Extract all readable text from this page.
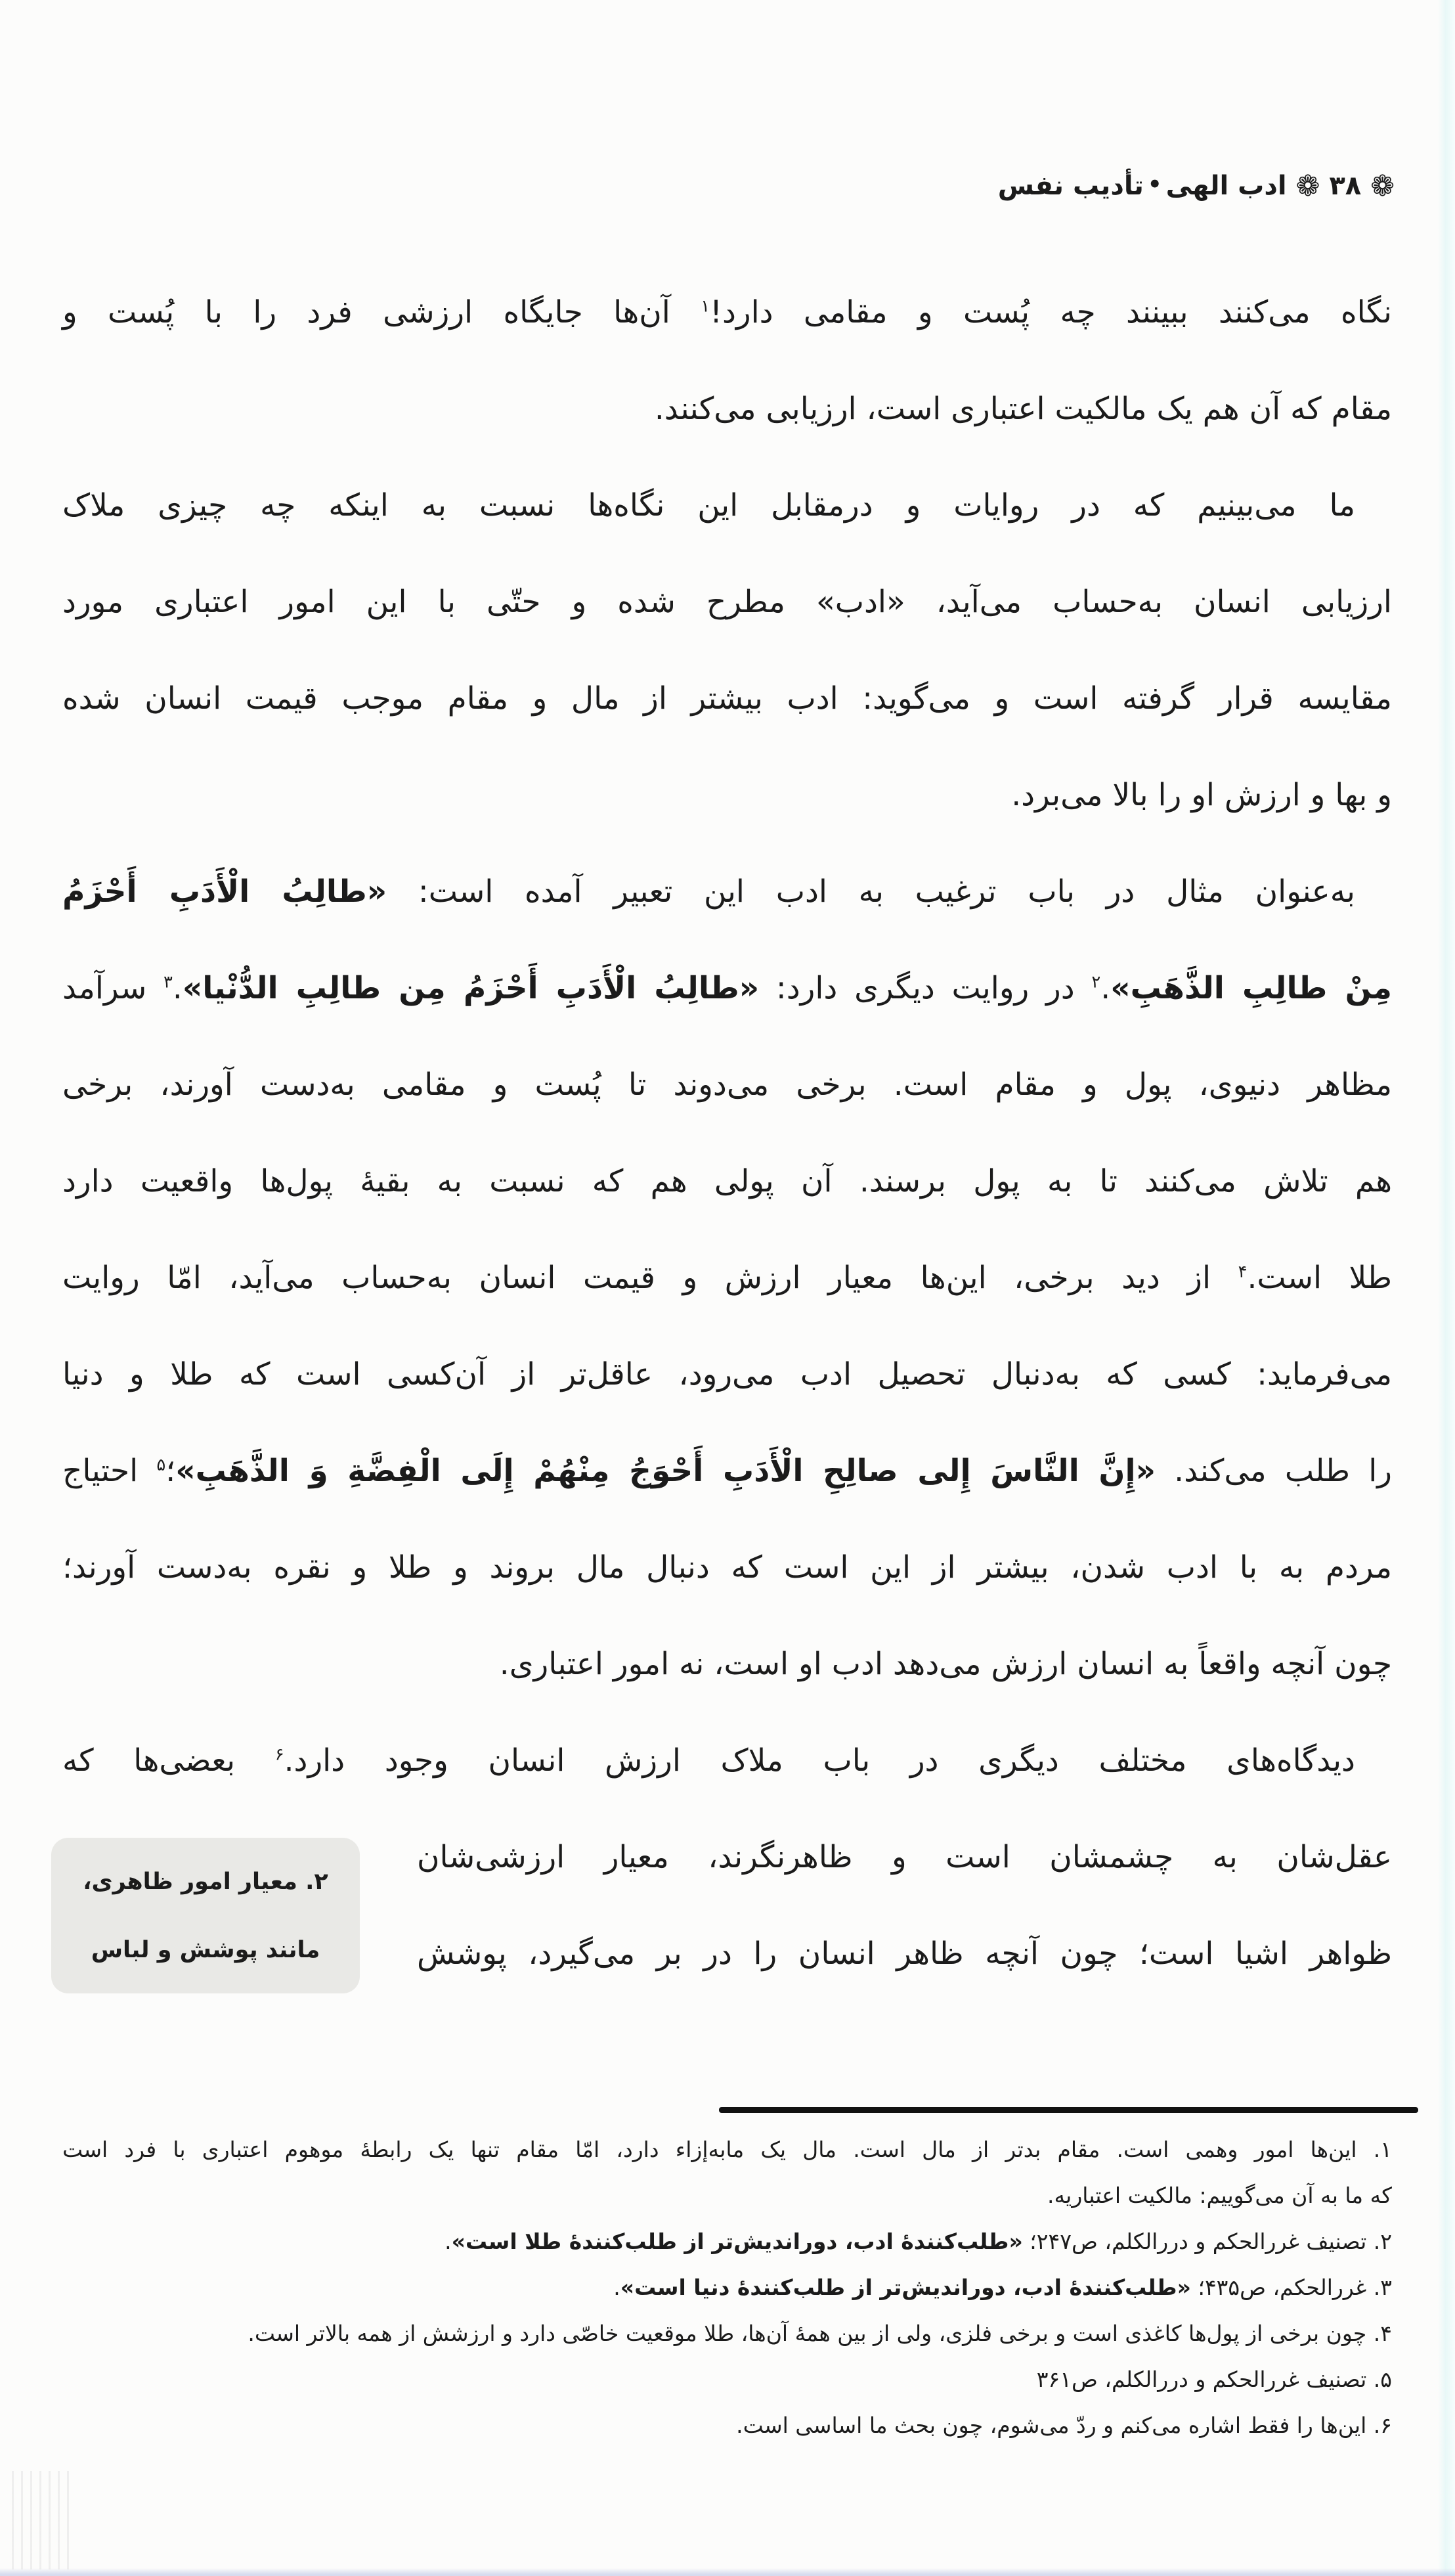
❁ ۳۸ ❁ ادب الهی•تأدیب نفس
نگاه می‌کنند ببینند چه پُست و مقامی دارد!$^۱$ آن‌ها جایگاه ارزشی فرد را با پُست و
مقام که آن هم یک مالکیت اعتباری است، ارزیابی می‌کنند.
ما می‌بینیم که در روایات و درمقابل این نگاه‌ها نسبت به اینکه چه چیزی ملاک
ارزیابی انسان به‌حساب می‌آید، «ادب» مطرح شده و حتّی با این امور اعتباری مورد
مقایسه قرار گرفته است و می‌گوید: ادب بیشتر از مال و مقام موجب قیمت انسان شده
و بها و ارزش او را بالا می‌برد.
به‌عنوان مثال در باب ترغیب به ادب این تعبیر آمده است: «طالِبُ الْأَدَبِ أَحْزَمُ
مِنْ طالِبِ الذَّهَبِ».$^۲$ در روایت دیگری دارد: «طالِبُ الْأَدَبِ أَحْزَمُ مِن طالِبِ الدُّنْیا».$^۳$ سرآمد
مظاهر دنیوی، پول و مقام است. برخی می‌دوند تا پُست و مقامی به‌دست آورند، برخی
هم تلاش می‌کنند تا به پول برسند. آن پولی هم که نسبت به بقیهٔ پول‌ها واقعیت دارد
طلا است.$^۴$ از دید برخی، این‌ها معیار ارزش و قیمت انسان به‌حساب می‌آید، امّا روایت
می‌فرماید: کسی که به‌دنبال تحصیل ادب می‌رود، عاقل‌تر از آن‌کسی است که طلا و دنیا
را طلب می‌کند. «إِنَّ النَّاسَ إِلی صالِحِ الْأَدَبِ أَحْوَجُ مِنْهُمْ إِلَی الْفِضَّةِ وَ الذَّهَبِ»؛$^۵$ احتیاج
مردم به با ادب شدن، بیشتر از این است که دنبال مال بروند و طلا و نقره به‌دست آورند؛
چون آنچه واقعاً به انسان ارزش می‌دهد ادب او است، نه امور اعتباری.
دیدگاه‌های مختلف دیگری در باب ملاک ارزش انسان وجود دارد.$^۶$ بعضی‌ها که
عقل‌شان به چشمشان است و ظاهرنگرند، معیار ارزشی‌شان
ظواهر اشیا است؛ چون آنچه ظاهر انسان را در بر می‌گیرد، پوشش
۲. معیار امور ظاهری،
مانند پوشش و لباس
۱. این‌ها امور وهمی است. مقام بدتر از مال است. مال یک مابه‌إزاء دارد، امّا مقام تنها یک رابطهٔ موهوم اعتباری با فرد است
که ما به آن می‌گوییم: مالکیت اعتباریه.
۲. تصنیف غررالحکم و دررالکلم، ص۲۴۷؛ «طلب‌کنندهٔ ادب، دوراندیش‌تر از طلب‌کنندهٔ طلا است».
۳. غررالحکم، ص۴۳۵؛ «طلب‌کنندهٔ ادب، دوراندیش‌تر از طلب‌کنندهٔ دنیا است».
۴. چون برخی از پول‌ها کاغذی است و برخی فلزی، ولی از بین همهٔ آن‌ها، طلا موقعیت خاصّی دارد و ارزشش از همه بالاتر است.
۵. تصنیف غررالحکم و دررالکلم، ص۳۶۱
۶. این‌ها را فقط اشاره می‌کنم و ردّ می‌شوم، چون بحث ما اساسی است.
